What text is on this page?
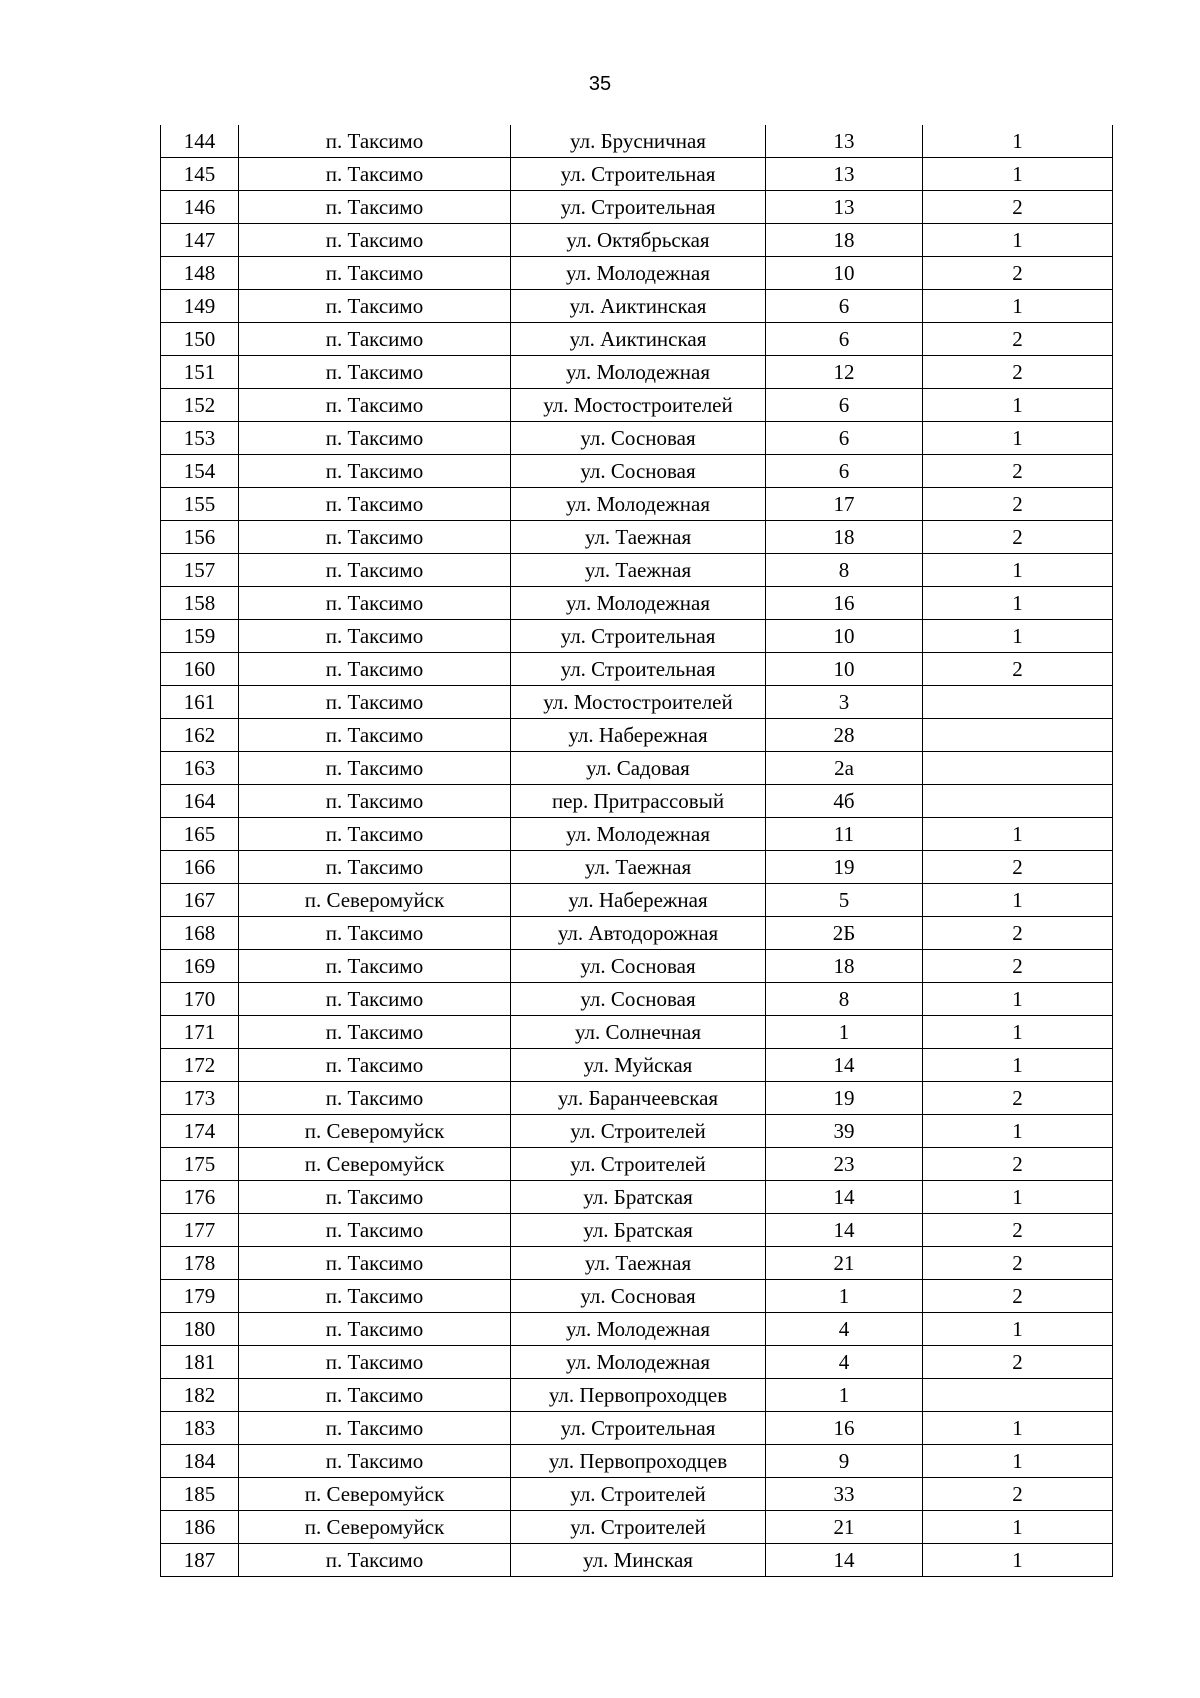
35
144	п. Таксимо	ул. Брусничная	13	1
145	п. Таксимо	ул. Строительная	13	1
146	п. Таксимо	ул. Строительная	13	2
147	п. Таксимо	ул. Октябрьская	18	1
148	п. Таксимо	ул. Молодежная	10	2
149	п. Таксимо	ул. Аиктинская	6	1
150	п. Таксимо	ул. Аиктинская	6	2
151	п. Таксимо	ул. Молодежная	12	2
152	п. Таксимо	ул. Мостостроителей	6	1
153	п. Таксимо	ул. Сосновая	6	1
154	п. Таксимо	ул. Сосновая	6	2
155	п. Таксимо	ул. Молодежная	17	2
156	п. Таксимо	ул. Таежная	18	2
157	п. Таксимо	ул. Таежная	8	1
158	п. Таксимо	ул. Молодежная	16	1
159	п. Таксимо	ул. Строительная	10	1
160	п. Таксимо	ул. Строительная	10	2
161	п. Таксимо	ул. Мостостроителей	3	
162	п. Таксимо	ул. Набережная	28	
163	п. Таксимо	ул. Садовая	2а	
164	п. Таксимо	пер. Притрассовый	4б	
165	п. Таксимо	ул. Молодежная	11	1
166	п. Таксимо	ул. Таежная	19	2
167	п. Северомуйск	ул. Набережная	5	1
168	п. Таксимо	ул. Автодорожная	2Б	2
169	п. Таксимо	ул. Сосновая	18	2
170	п. Таксимо	ул. Сосновая	8	1
171	п. Таксимо	ул. Солнечная	1	1
172	п. Таксимо	ул. Муйская	14	1
173	п. Таксимо	ул. Баранчеевская	19	2
174	п. Северомуйск	ул. Строителей	39	1
175	п. Северомуйск	ул. Строителей	23	2
176	п. Таксимо	ул. Братская	14	1
177	п. Таксимо	ул. Братская	14	2
178	п. Таксимо	ул. Таежная	21	2
179	п. Таксимо	ул. Сосновая	1	2
180	п. Таксимо	ул. Молодежная	4	1
181	п. Таксимо	ул. Молодежная	4	2
182	п. Таксимо	ул. Первопроходцев	1	
183	п. Таксимо	ул. Строительная	16	1
184	п. Таксимо	ул. Первопроходцев	9	1
185	п. Северомуйск	ул. Строителей	33	2
186	п. Северомуйск	ул. Строителей	21	1
187	п. Таксимо	ул. Минская	14	1
